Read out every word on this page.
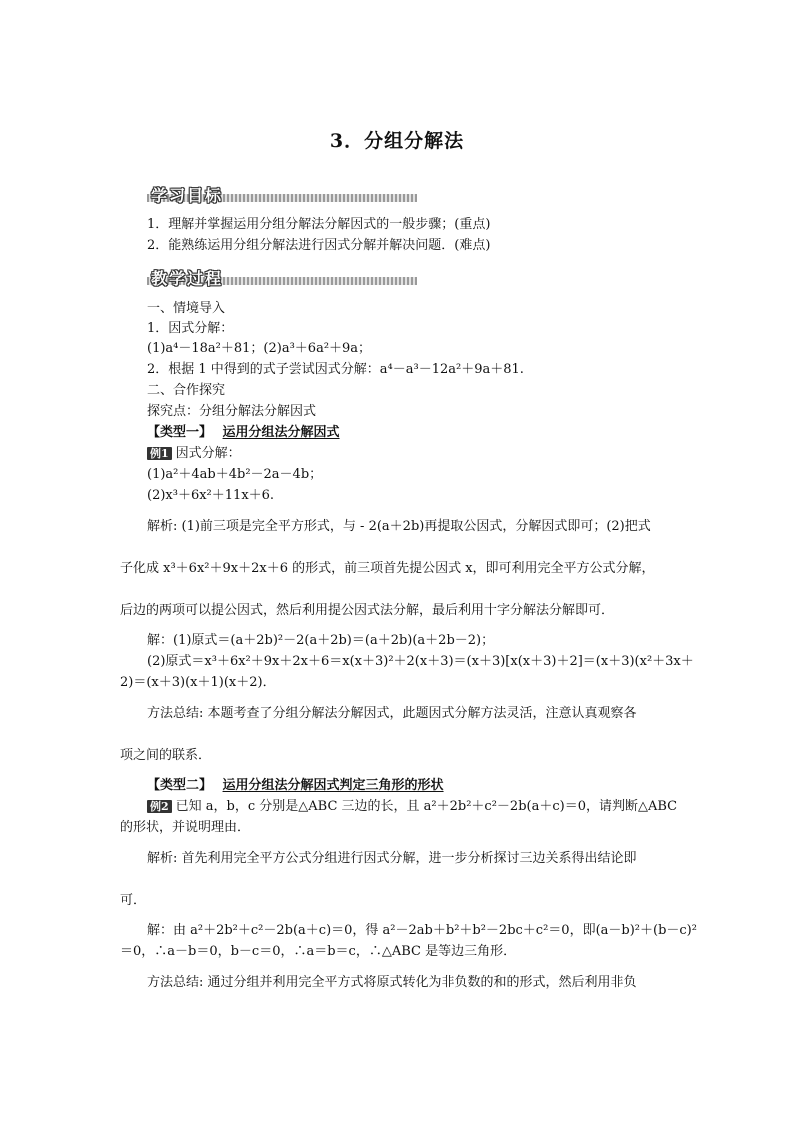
3．分组分解法
学习目标
1．理解并掌握运用分组分解法分解因式的一般步骤；(重点)
2．能熟练运用分组分解法进行因式分解并解决问题．(难点)
教学过程
一、情境导入
1．因式分解：
(1)a⁴－18a²＋81；(2)a³＋6a²＋9a；
2．根据 1 中得到的式子尝试因式分解：a⁴－a³－12a²＋9a＋81.
二、合作探究
探究点：分组分解法分解因式
【类型一】 运用分组法分解因式
例1 因式分解：
(1)a²＋4ab＋4b²－2a－4b；
(2)x³＋6x²＋11x＋6.
解析: (1)前三项是完全平方形式，与 - 2(a＋2b)再提取公因式，分解因式即可；(2)把式
子化成 x³＋6x²＋9x＋2x＋6 的形式，前三项首先提公因式 x，即可利用完全平方公式分解，
后边的两项可以提公因式，然后利用提公因式法分解，最后利用十字分解法分解即可．
解：(1)原式＝(a＋2b)²－2(a＋2b)＝(a＋2b)(a＋2b－2)；
(2)原式＝x³＋6x²＋9x＋2x＋6＝x(x＋3)²＋2(x＋3)＝(x＋3)[x(x＋3)＋2]＝(x＋3)(x²＋3x＋
2)＝(x＋3)(x＋1)(x＋2)．
方法总结: 本题考查了分组分解法分解因式，此题因式分解方法灵活，注意认真观察各
项之间的联系．
【类型二】 运用分组法分解因式判定三角形的形状
例2 已知 a，b，c 分别是△ABC 三边的长，且 a²＋2b²＋c²－2b(a＋c)＝0，请判断△ABC
的形状，并说明理由．
解析: 首先利用完全平方公式分组进行因式分解，进一步分析探讨三边关系得出结论即
可．
解：由 a²＋2b²＋c²－2b(a＋c)＝0，得 a²－2ab＋b²＋b²－2bc＋c²＝0，即(a－b)²＋(b－c)²
＝0，∴a－b＝0，b－c＝0，∴a＝b＝c，∴△ABC 是等边三角形．
方法总结: 通过分组并利用完全平方式将原式转化为非负数的和的形式，然后利用非负
